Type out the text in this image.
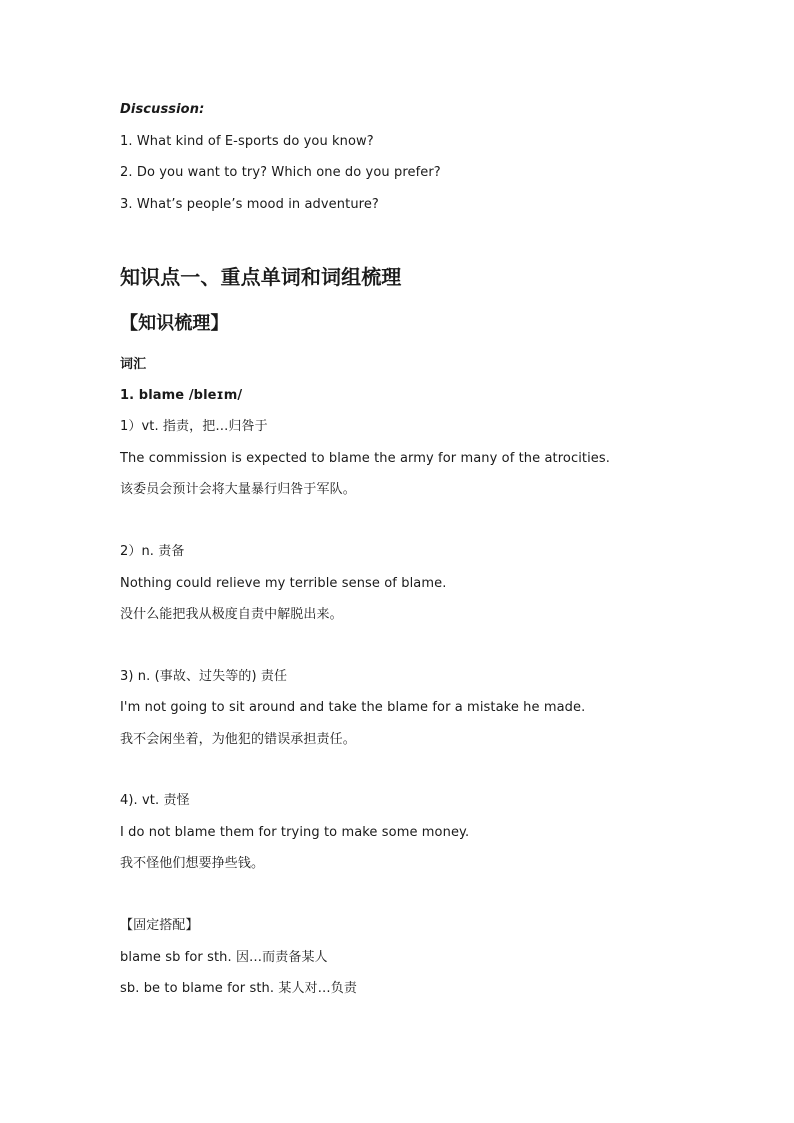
Discussion:
1. What kind of E-sports do you know?
2. Do you want to try? Which one do you prefer?
3. What’s people’s mood in adventure?
知识点一、重点单词和词组梳理
【知识梳理】
词汇
1. blame /bleɪm/
1）vt. 指责，把…归咎于
The commission is expected to blame the army for many of the atrocities.
该委员会预计会将大量暴行归咎于军队。
2）n. 责备
Nothing could relieve my terrible sense of blame.
没什么能把我从极度自责中解脱出来。
3) n. (事故、过失等的) 责任
I'm not going to sit around and take the blame for a mistake he made.
我不会闲坐着，为他犯的错误承担责任。
4). vt. 责怪
I do not blame them for trying to make some money.
我不怪他们想要挣些钱。
【固定搭配】
blame sb for sth. 因…而责备某人
sb. be to blame for sth. 某人对…负责
